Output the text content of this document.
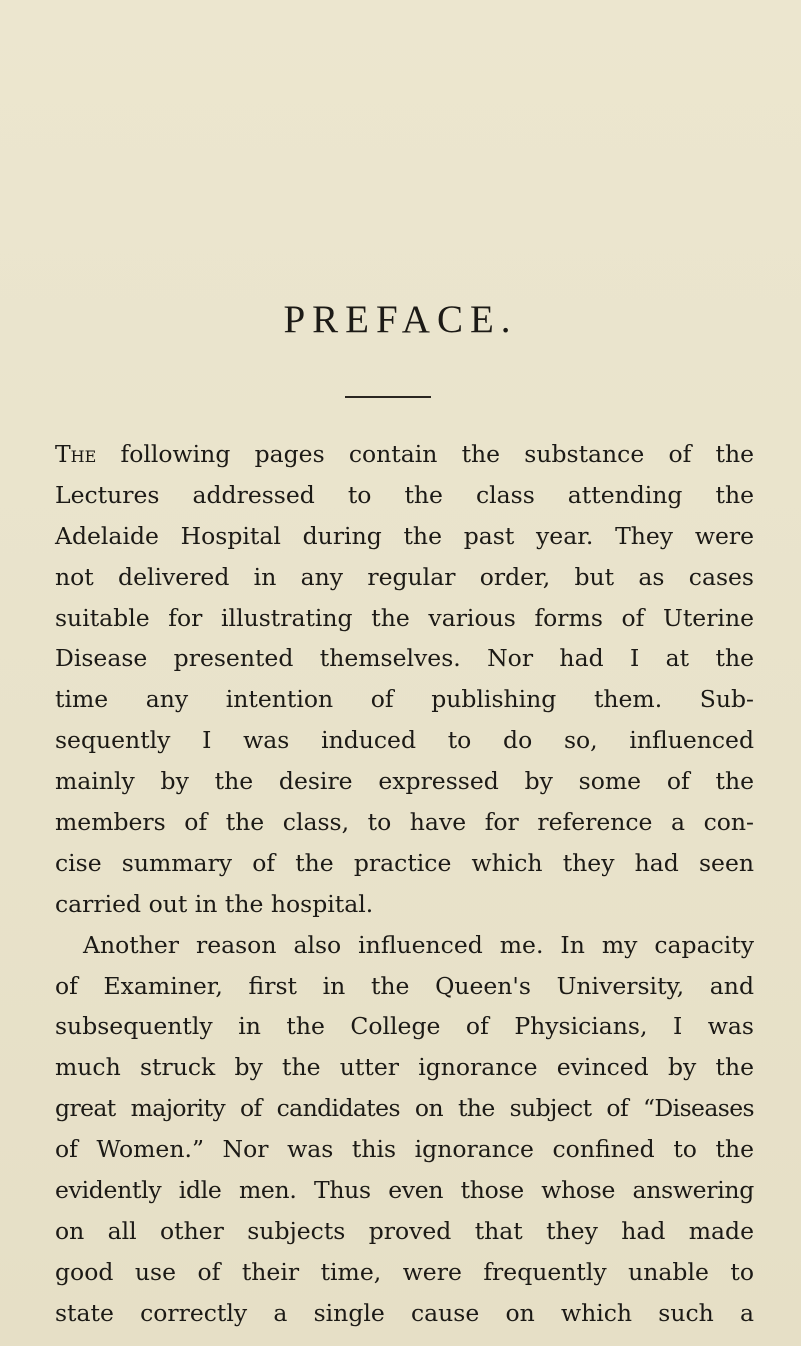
PREFACE.
The following pages contain the substance of the
Lectures addressed to the class attending the
Adelaide Hospital during the past year. They were
not delivered in any regular order, but as cases
suitable for illustrating the various forms of Uterine
Disease presented themselves. Nor had I at the
time any intention of publishing them. Sub-
sequently I was induced to do so, influenced
mainly by the desire expressed by some of the
members of the class, to have for reference a con-
cise summary of the practice which they had seen
carried out in the hospital.
Another reason also influenced me. In my capacity
of Examiner, first in the Queen's University, and
subsequently in the College of Physicians, I was
much struck by the utter ignorance evinced by the
great majority of candidates on the subject of “Diseases
of Women.” Nor was this ignorance confined to the
evidently idle men. Thus even those whose answering
on all other subjects proved that they had made
good use of their time, were frequently unable to
state correctly a single cause on which such a
